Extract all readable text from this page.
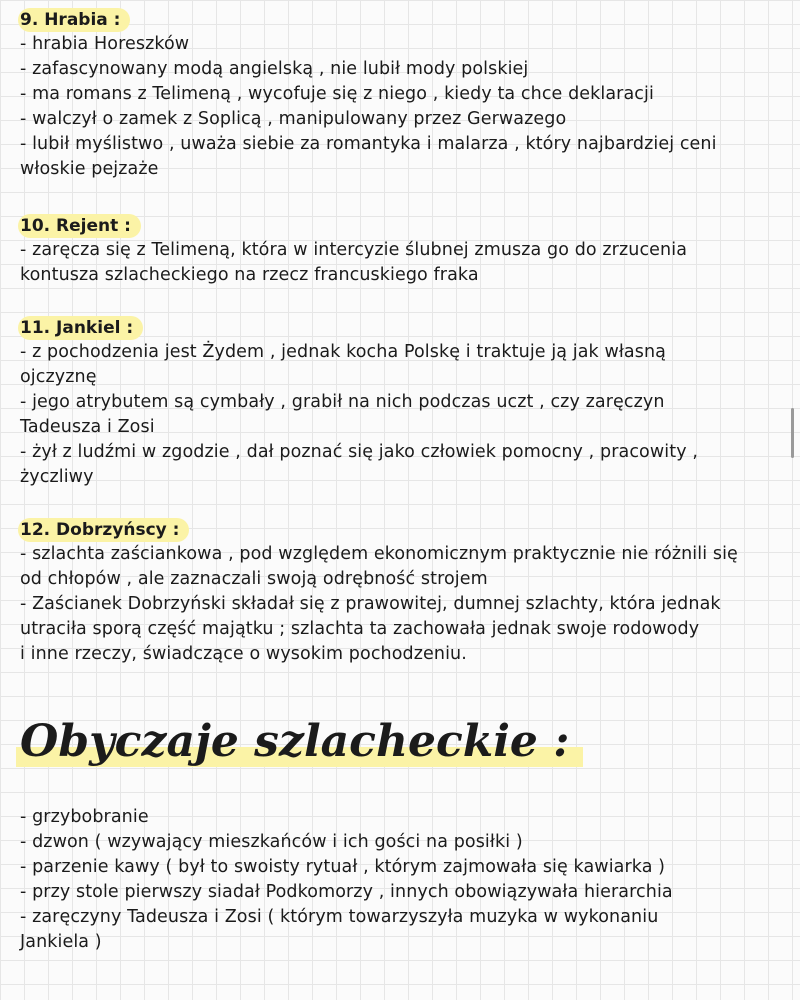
9. Hrabia :
- hrabia Horeszków
- zafascynowany modą angielską , nie lubił mody polskiej
- ma romans z Telimeną , wycofuje się z niego , kiedy ta chce deklaracji
- walczył o zamek z Soplicą , manipulowany przez Gerwazego
- lubił myślistwo , uważa siebie za romantyka i malarza , który najbardziej ceni
włoskie pejzaże
10. Rejent :
- zaręcza się z Telimeną, która w intercyzie ślubnej zmusza go do zrzucenia
kontusza szlacheckiego na rzecz francuskiego fraka
11. Jankiel :
- z pochodzenia jest Żydem , jednak kocha Polskę i traktuje ją jak własną
ojczyznę
- jego atrybutem są cymbały , grabił na nich podczas uczt , czy zaręczyn
Tadeusza i Zosi
- żył z ludźmi w zgodzie , dał poznać się jako człowiek pomocny , pracowity ,
życzliwy
12. Dobrzyńscy :
- szlachta zaściankowa , pod względem ekonomicznym praktycznie nie różnili się
od chłopów , ale zaznaczali swoją odrębność strojem
- Zaścianek Dobrzyński składał się z prawowitej, dumnej szlachty, która jednak
utraciła sporą część majątku ; szlachta ta zachowała jednak swoje rodowody
i inne rzeczy, świadczące o wysokim pochodzeniu.
Obyczaje szlacheckie :
- grzybobranie
- dzwon ( wzywający mieszkańców i ich gości na posiłki )
- parzenie kawy ( był to swoisty rytuał , którym zajmowała się kawiarka )
- przy stole pierwszy siadał Podkomorzy , innych obowiązywała hierarchia
- zaręczyny Tadeusza i Zosi ( którym towarzyszyła muzyka w wykonaniu
Jankiela )
